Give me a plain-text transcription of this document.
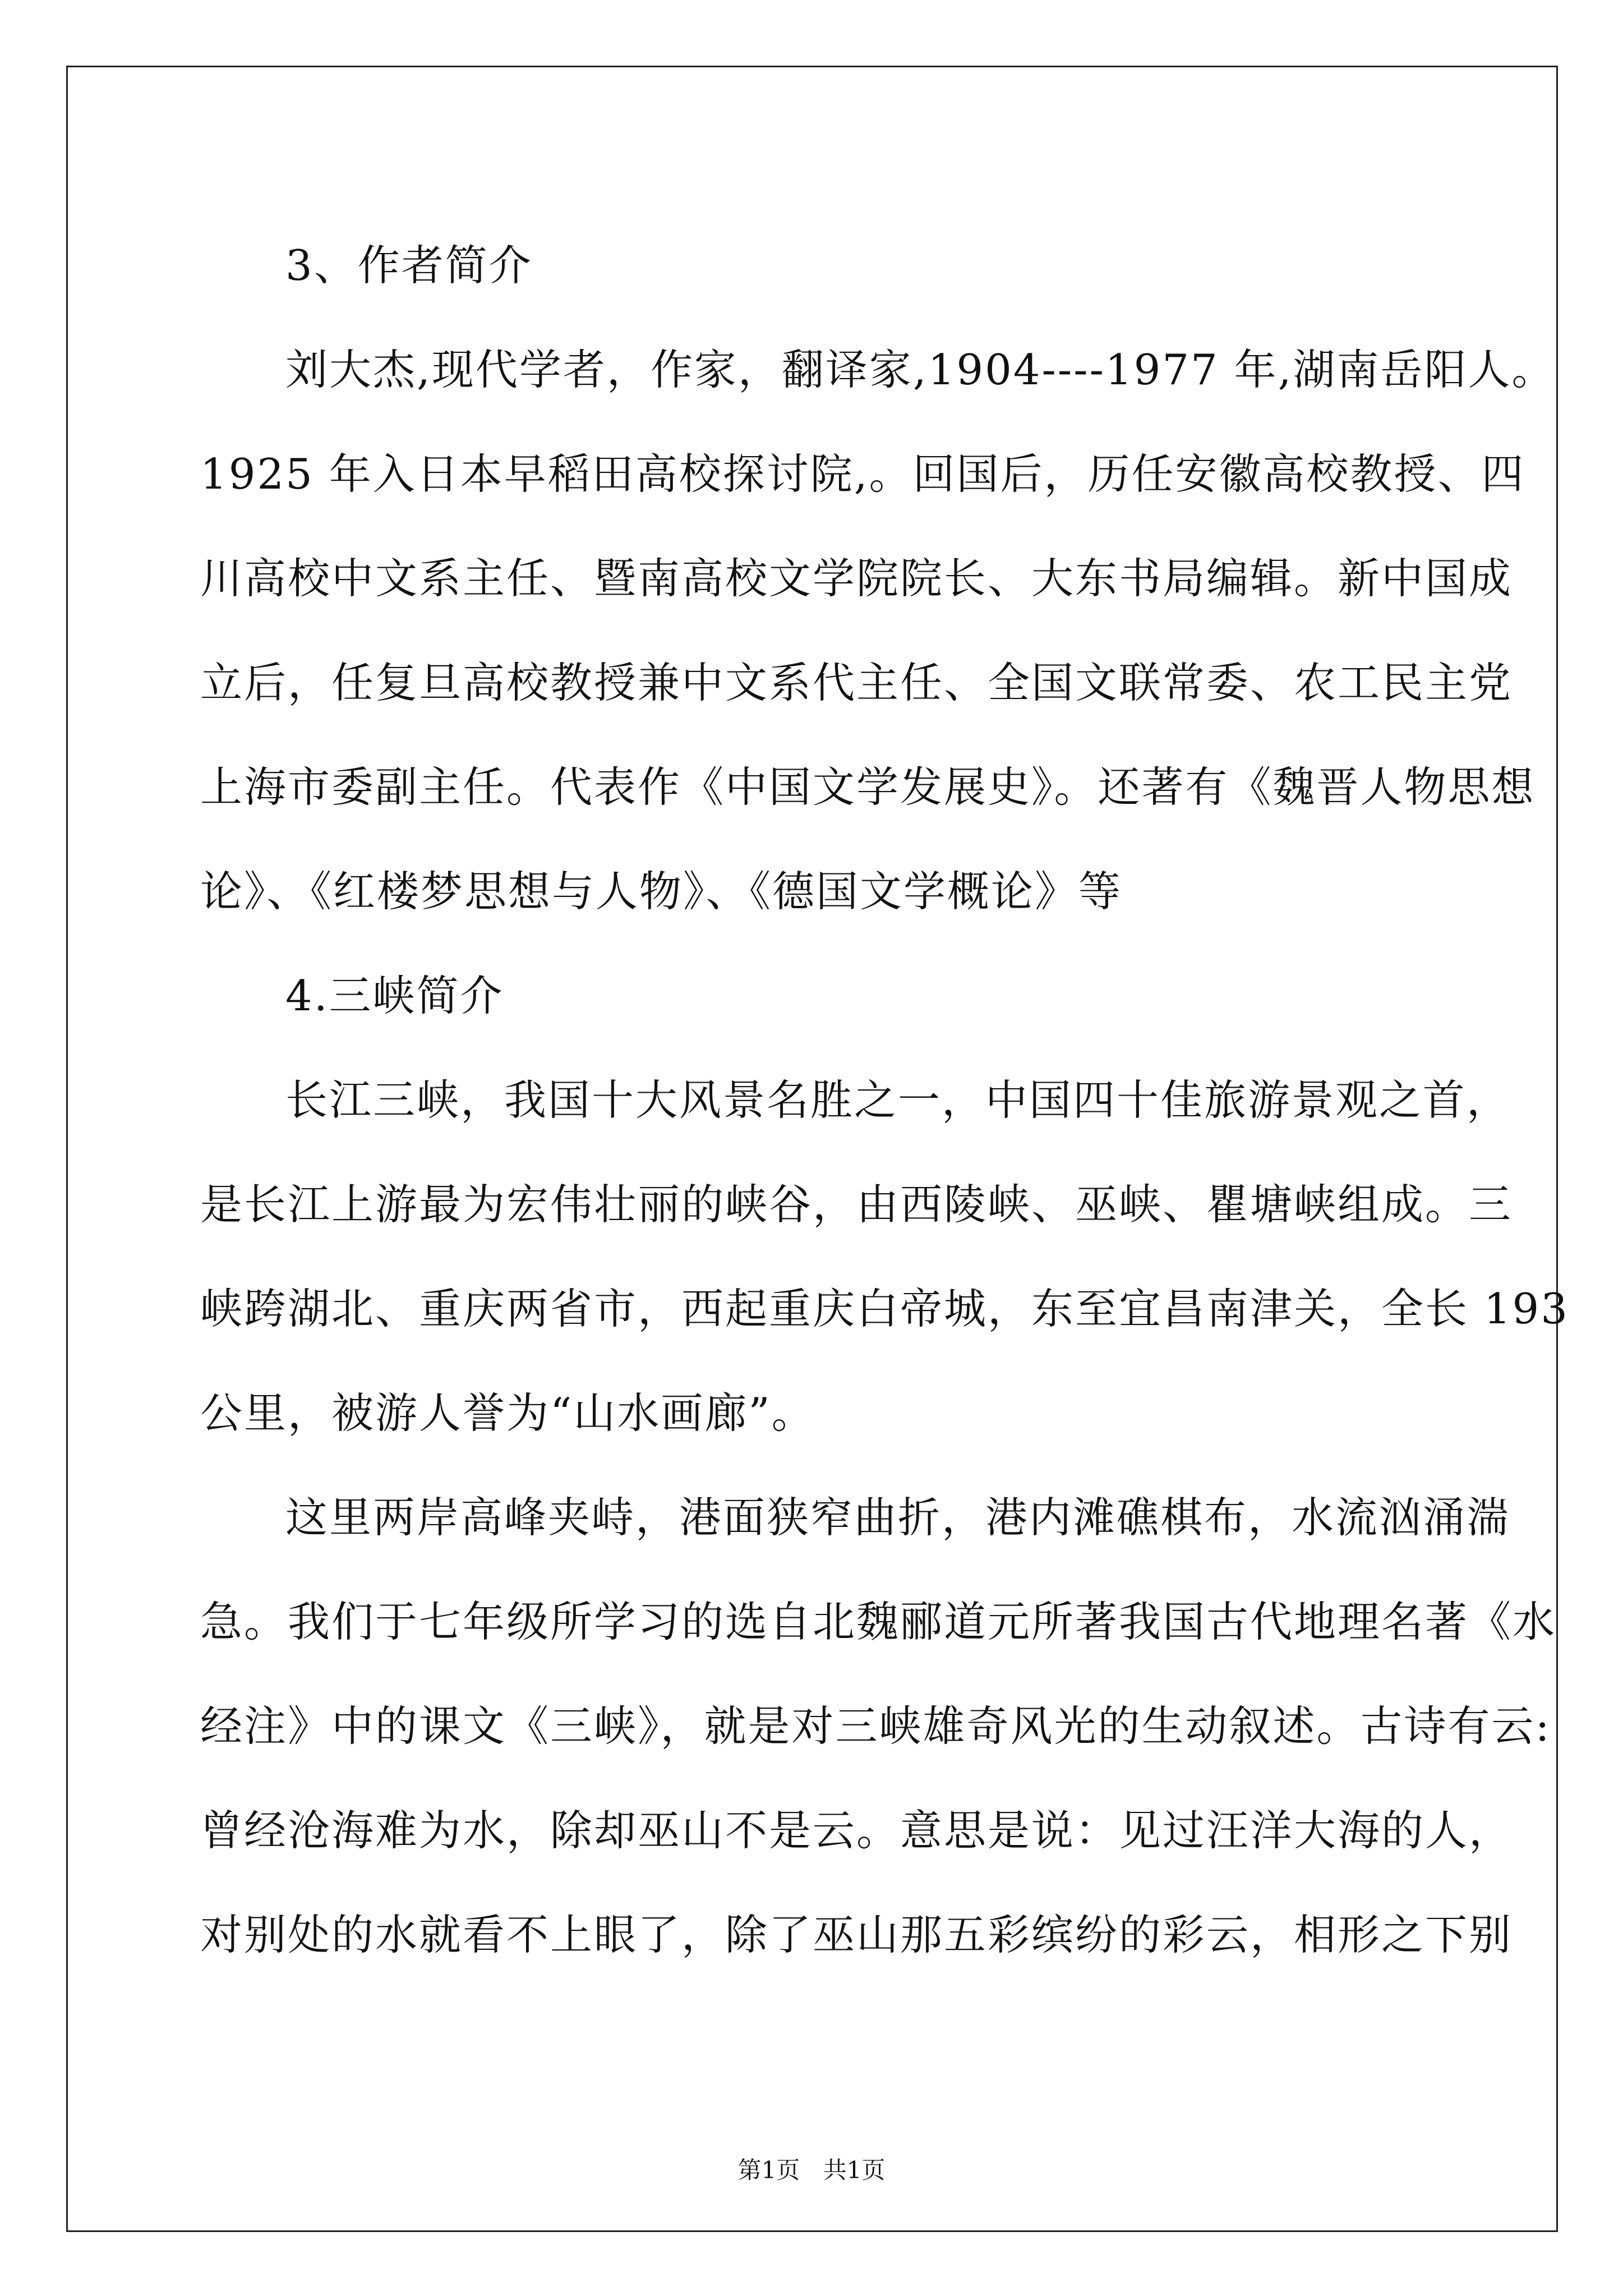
3、作者简介
刘大杰,现代学者，作家，翻译家,1904----1977 年,湖南岳阳人。
1925 年入日本早稻田高校探讨院,。回国后，历任安徽高校教授、四
川高校中文系主任、暨南高校文学院院长、大东书局编辑。新中国成
立后，任复旦高校教授兼中文系代主任、全国文联常委、农工民主党
上海市委副主任。代表作《中国文学发展史》。还著有《魏晋人物思想
论》、《红楼梦思想与人物》、《德国文学概论》等
4.三峡简介
长江三峡，我国十大风景名胜之一，中国四十佳旅游景观之首，
是长江上游最为宏伟壮丽的峡谷，由西陵峡、巫峡、瞿塘峡组成。三
峡跨湖北、重庆两省市，西起重庆白帝城，东至宜昌南津关，全长 193
公里，被游人誉为“山水画廊”。
这里两岸高峰夹峙，港面狭窄曲折，港内滩礁棋布，水流汹涌湍
急。我们于七年级所学习的选自北魏郦道元所著我国古代地理名著《水
经注》中的课文《三峡》，就是对三峡雄奇风光的生动叙述。古诗有云:
曾经沧海难为水，除却巫山不是云。意思是说：见过汪洋大海的人，
对别处的水就看不上眼了，除了巫山那五彩缤纷的彩云，相形之下别
第1页 共1页
